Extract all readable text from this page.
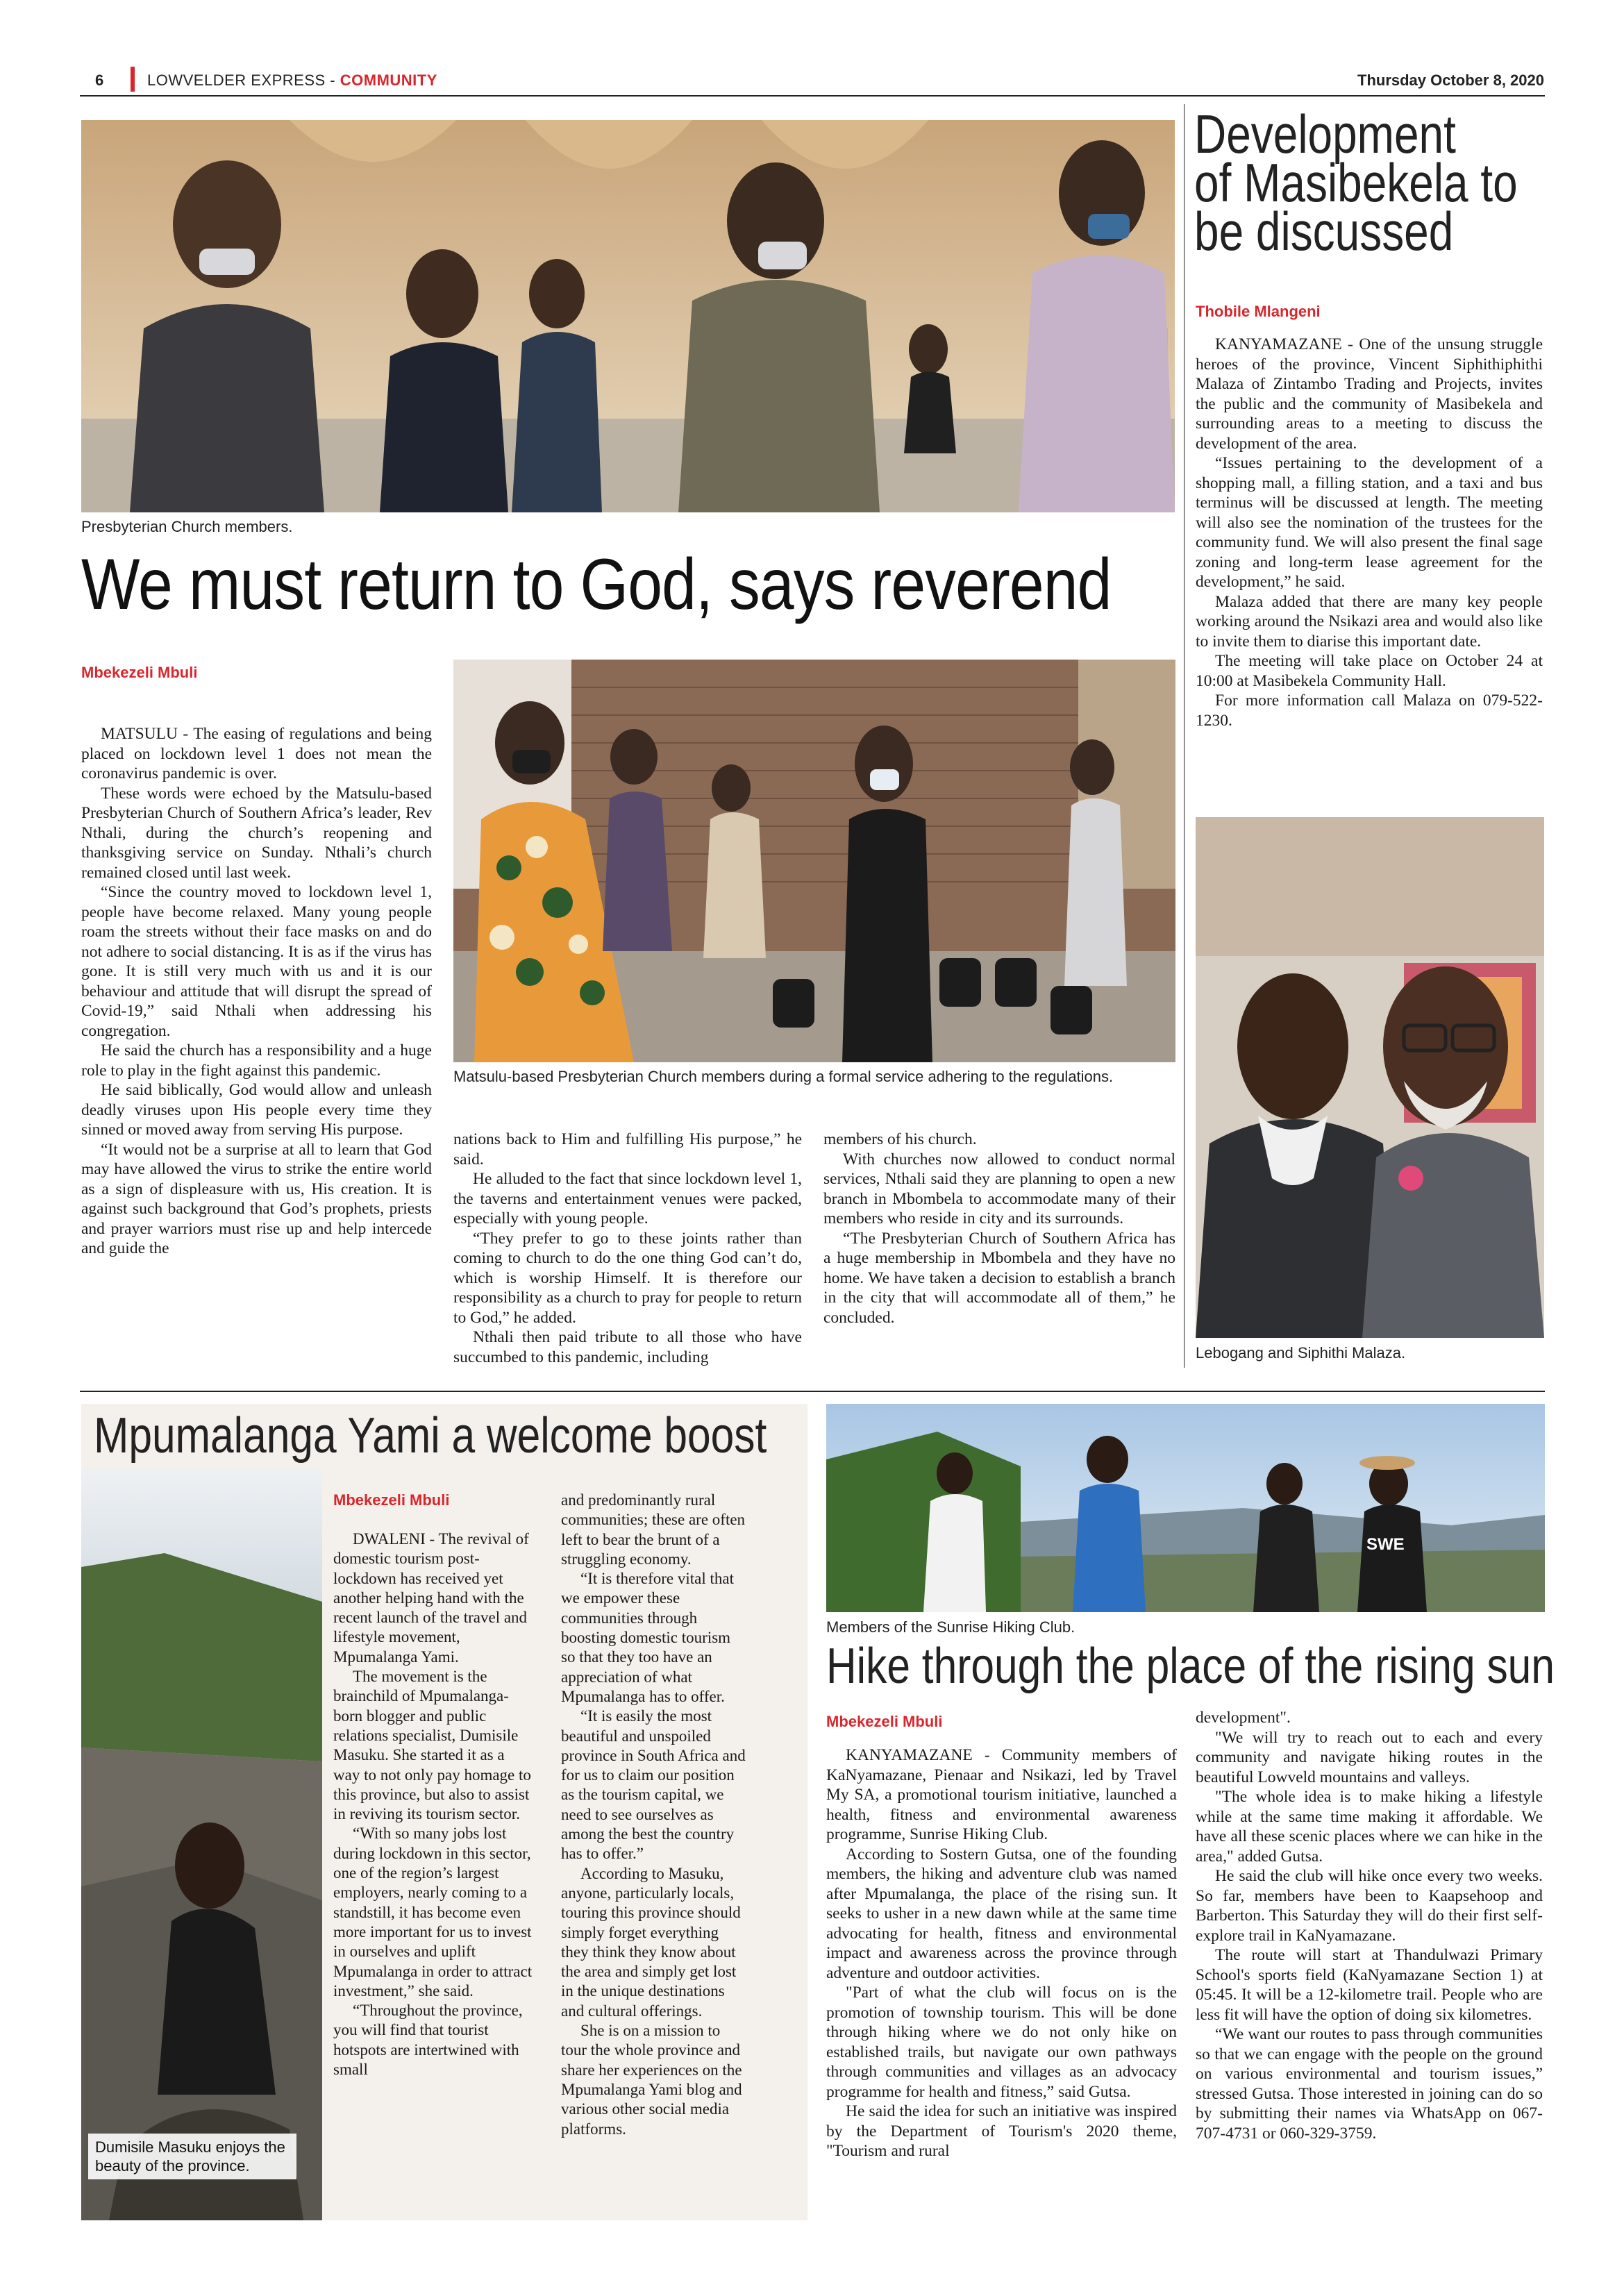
6	LOWVELDER EXPRESS - COMMUNITY	Thursday October 8, 2020
Presbyterian Church members.
We must return to God, says reverend
Mbekezeli Mbuli

MATSULU - The easing of regulations and being placed on lockdown level 1 does not mean the coronavirus pandemic is over.

These words were echoed by the Matsulu-based Presbyterian Church of Southern Africa’s leader, Rev Nthali, during the church’s reopening and thanksgiving service on Sunday. Nthali’s church remained closed until last week.

“Since the country moved to lockdown level 1, people have become relaxed. Many young people roam the streets without their face masks on and do not adhere to social distancing. It is as if the virus has gone. It is still very much with us and it is our behaviour and attitude that will disrupt the spread of Covid-19,” said Nthali when addressing his congregation.

He said the church has a responsibility and a huge role to play in the fight against this pandemic.

He said biblically, God would allow and unleash deadly viruses upon His people every time they sinned or moved away from serving His purpose.

“It would not be a surprise at all to learn that God may have allowed the virus to strike the entire world as a sign of displeasure with us, His creation. It is against such background that God’s prophets, priests and prayer warriors must rise up and help intercede and guide the

Matsulu-based Presbyterian Church members during a formal service adhering to the regulations.

nations back to Him and fulfilling His purpose,” he said.

He alluded to the fact that since lockdown level 1, the taverns and entertainment venues were packed, especially with young people.

“They prefer to go to these joints rather than coming to church to do the one thing God can’t do, which is worship Himself. It is therefore our responsibility as a church to pray for people to return to God,” he added.

Nthali then paid tribute to all those who have succumbed to this pandemic, including

members of his church.

With churches now allowed to conduct normal services, Nthali said they are planning to open a new branch in Mbombela to accommodate many of their members who reside in city and its surrounds.

“The Presbyterian Church of Southern Africa has a huge membership in Mbombela and they have no home. We have taken a decision to establish a branch in the city that will accommodate all of them,” he concluded.

Development
of Masibekela to
be discussed
Thobile Mlangeni

KANYAMAZANE - One of the unsung struggle heroes of the province, Vincent Siphithiphithi Malaza of Zintambo Trading and Projects, invites the public and the community of Masibekela and surrounding areas to a meeting to discuss the development of the area.

“Issues pertaining to the development of a shopping mall, a filling station, and a taxi and bus terminus will be discussed at length. The meeting will also see the nomination of the trustees for the community fund. We will also present the final sage zoning and long-term lease agreement for the development,” he said.

Malaza added that there are many key people working around the Nsikazi area and would also like to invite them to diarise this important date.

The meeting will take place on October 24 at 10:00 at Masibekela Community Hall.

For more information call Malaza on 079-522-1230.

Lebogang and Siphithi Malaza.
Mpumalanga Yami a welcome boost
Dumisile Masuku enjoys the beauty of the province.
Mbekezeli Mbuli

DWALENI - The revival of domestic tourism post-lockdown has received yet another helping hand with the recent launch of the travel and lifestyle movement, Mpumalanga Yami.

The movement is the brainchild of Mpumalanga-born blogger and public relations specialist, Dumisile Masuku. She started it as a way to not only pay homage to this province, but also to assist in reviving its tourism sector.

“With so many jobs lost during lockdown in this sector, one of the region’s largest employers, nearly coming to a standstill, it has become even more important for us to invest in ourselves and uplift Mpumalanga in order to attract investment,” she said.

“Throughout the province, you will find that tourist hotspots are intertwined with small

and predominantly rural communities; these are often left to bear the brunt of a struggling economy.

“It is therefore vital that we empower these communities through boosting domestic tourism so that they too have an appreciation of what Mpumalanga has to offer.

“It is easily the most beautiful and unspoiled province in South Africa and for us to claim our position as the tourism capital, we need to see ourselves as among the best the country has to offer.”

According to Masuku, anyone, particularly locals, touring this province should simply forget everything they think they know about the area and simply get lost in the unique destinations and cultural offerings.

She is on a mission to tour the whole province and share her experiences on the Mpumalanga Yami blog and various other social media platforms.

SWE
Members of the Sunrise Hiking Club.
Hike through the place of the rising sun
Mbekezeli Mbuli

KANYAMAZANE - Community members of KaNyamazane, Pienaar and Nsikazi, led by Travel My SA, a promotional tourism initiative, launched a health, fitness and environmental awareness programme, Sunrise Hiking Club.

According to Sostern Gutsa, one of the founding members, the hiking and adventure club was named after Mpumalanga, the place of the rising sun. It seeks to usher in a new dawn while at the same time advocating for health, fitness and environmental impact and awareness across the province through adventure and outdoor activities.

"Part of what the club will focus on is the promotion of township tourism. This will be done through hiking where we do not only hike on established trails, but navigate our own pathways through communities and villages as an advocacy programme for health and fitness,” said Gutsa.

He said the idea for such an initiative was inspired by the Department of Tourism's 2020 theme, "Tourism and rural

development".

"We will try to reach out to each and every community and navigate hiking routes in the beautiful Lowveld mountains and valleys.

"The whole idea is to make hiking a lifestyle while at the same time making it affordable. We have all these scenic places where we can hike in the area," added Gutsa.

He said the club will hike once every two weeks. So far, members have been to Kaapsehoop and Barberton. This Saturday they will do their first self-explore trail in KaNyamazane.

The route will start at Thandulwazi Primary School's sports field (KaNyamazane Section 1) at 05:45. It will be a 12-kilometre trail. People who are less fit will have the option of doing six kilometres.

“We want our routes to pass through communities so that we can engage with the people on the ground on various environmental and tourism issues,” stressed Gutsa. Those interested in joining can do so by submitting their names via WhatsApp on 067-707-4731 or 060-329-3759.
